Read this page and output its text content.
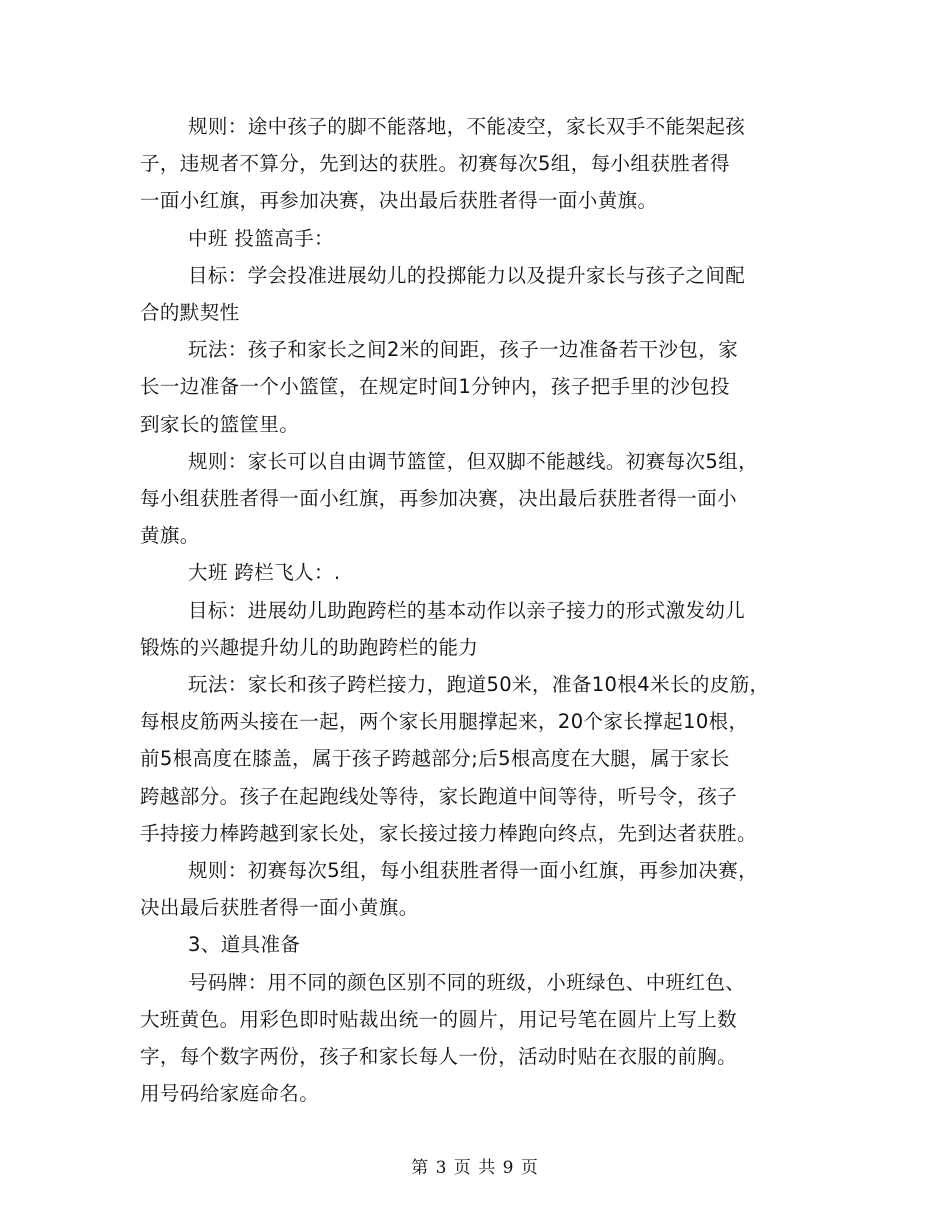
规则：途中孩子的脚不能落地，不能凌空，家长双手不能架起孩
子，违规者不算分，先到达的获胜。初赛每次5组，每小组获胜者得
一面小红旗，再参加决赛，决出最后获胜者得一面小黄旗。

中班 投篮高手：

目标：学会投准进展幼儿的投掷能力以及提升家长与孩子之间配
合的默契性

玩法：孩子和家长之间2米的间距，孩子一边准备若干沙包，家
长一边准备一个小篮筐，在规定时间1分钟内，孩子把手里的沙包投
到家长的篮筐里。

规则：家长可以自由调节篮筐，但双脚不能越线。初赛每次5组，
每小组获胜者得一面小红旗，再参加决赛，决出最后获胜者得一面小
黄旗。

大班 跨栏飞人：.

目标：进展幼儿助跑跨栏的基本动作以亲子接力的形式激发幼儿
锻炼的兴趣提升幼儿的助跑跨栏的能力

玩法：家长和孩子跨栏接力，跑道50米，准备10根4米长的皮筋，
每根皮筋两头接在一起，两个家长用腿撑起来，20个家长撑起10根，
前5根高度在膝盖，属于孩子跨越部分;后5根高度在大腿，属于家长
跨越部分。孩子在起跑线处等待，家长跑道中间等待，听号令，孩子
手持接力棒跨越到家长处，家长接过接力棒跑向终点，先到达者获胜。

规则：初赛每次5组，每小组获胜者得一面小红旗，再参加决赛，
决出最后获胜者得一面小黄旗。

3、道具准备

号码牌：用不同的颜色区别不同的班级，小班绿色、中班红色、
大班黄色。用彩色即时贴裁出统一的圆片，用记号笔在圆片上写上数
字，每个数字两份，孩子和家长每人一份，活动时贴在衣服的前胸。
用号码给家庭命名。

第 3 页 共 9 页
